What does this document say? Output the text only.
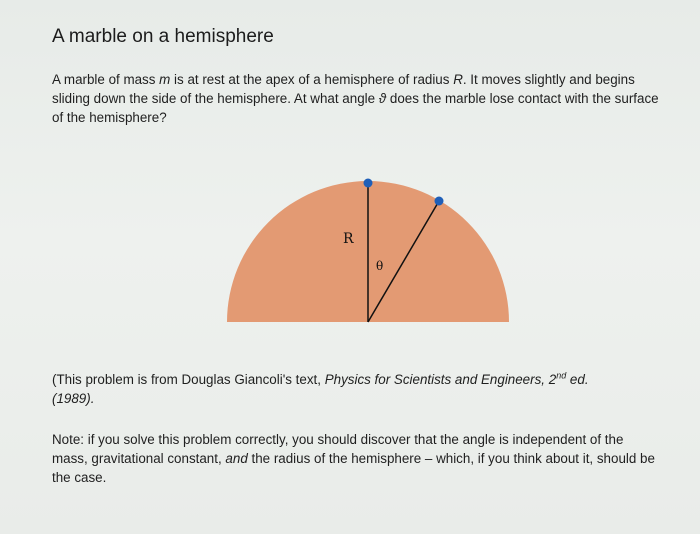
A marble on a hemisphere
A marble of mass m is at rest at the apex of a hemisphere of radius R. It moves slightly and begins sliding down the side of the hemisphere. At what angle ϑ does the marble lose contact with the surface of the hemisphere?
R
θ
(This problem is from Douglas Giancoli's text, Physics for Scientists and Engineers, 2nd ed.
(1989).
Note: if you solve this problem correctly, you should discover that the angle is independent of the mass, gravitational constant, and the radius of the hemisphere – which, if you think about it, should be the case.
